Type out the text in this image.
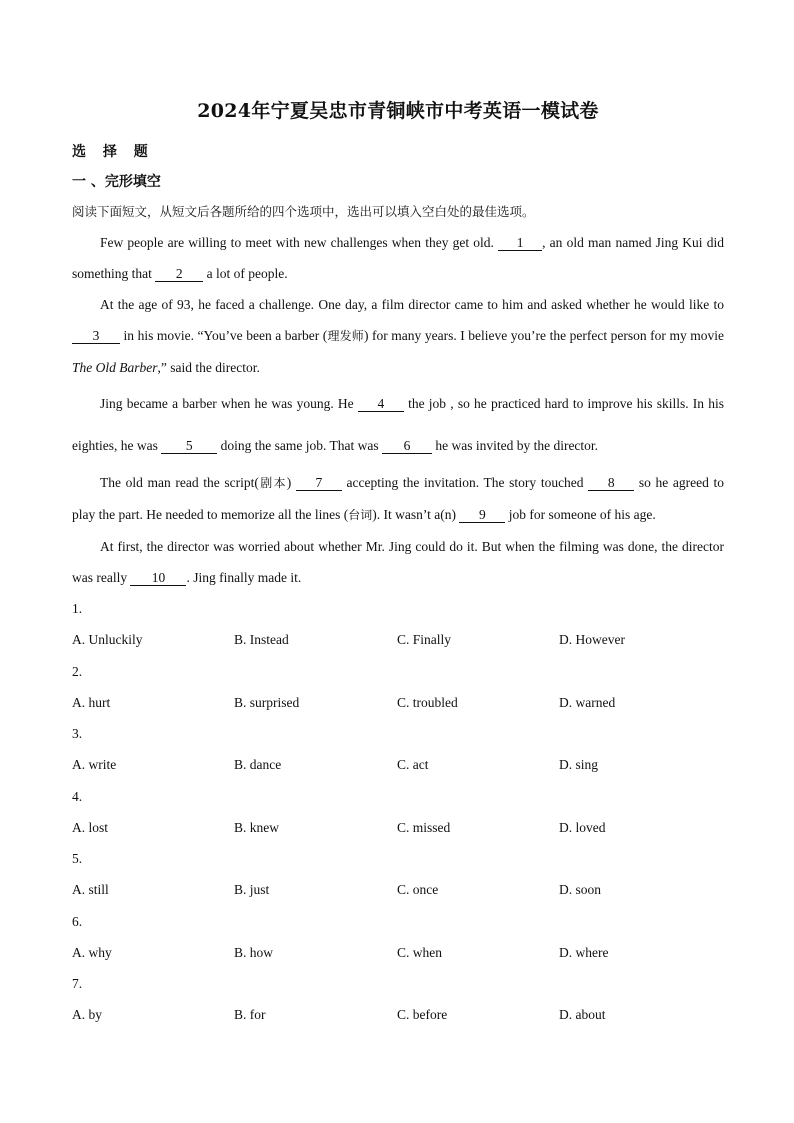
2024年宁夏吴忠市青铜峡市中考英语一模试卷
选 择 题
一 、完形填空
阅读下面短文，从短文后各题所给的四个选项中，选出可以填入空白处的最佳选项。

Few people are willing to meet with new challenges when they get old. 1 , an old man named Jing Kui did something that 2 a lot of people.

At the age of 93, he faced a challenge. One day, a film director came to him and asked whether he would like to 3 in his movie. “You’ve been a barber (理发师) for many years. I believe you’re the perfect person for my movie The Old Barber,” said the director.

Jing became a barber when he was young. He 4 the job , so he practiced hard to improve his skills. In his eighties, he was 5 doing the same job. That was 6 he was invited by the director.

The old man read the script(剧本) 7 accepting the invitation. The story touched 8 so he agreed to play the part. He needed to memorize all the lines (台词). It wasn’t a(n) 9 job for someone of his age.

At first, the director was worried about whether Mr. Jing could do it. But when the filming was done, the director was really 10 . Jing finally made it.

1.
A. Unluckily	B. Instead	C. Finally	D. However
2.
A. hurt	B. surprised	C. troubled	D. warned
3.
A. write	B. dance	C. act	D. sing
4.
A. lost	B. knew	C. missed	D. loved
5.
A. still	B. just	C. once	D. soon
6.
A. why	B. how	C. when	D. where
7.
A. by	B. for	C. before	D. about
